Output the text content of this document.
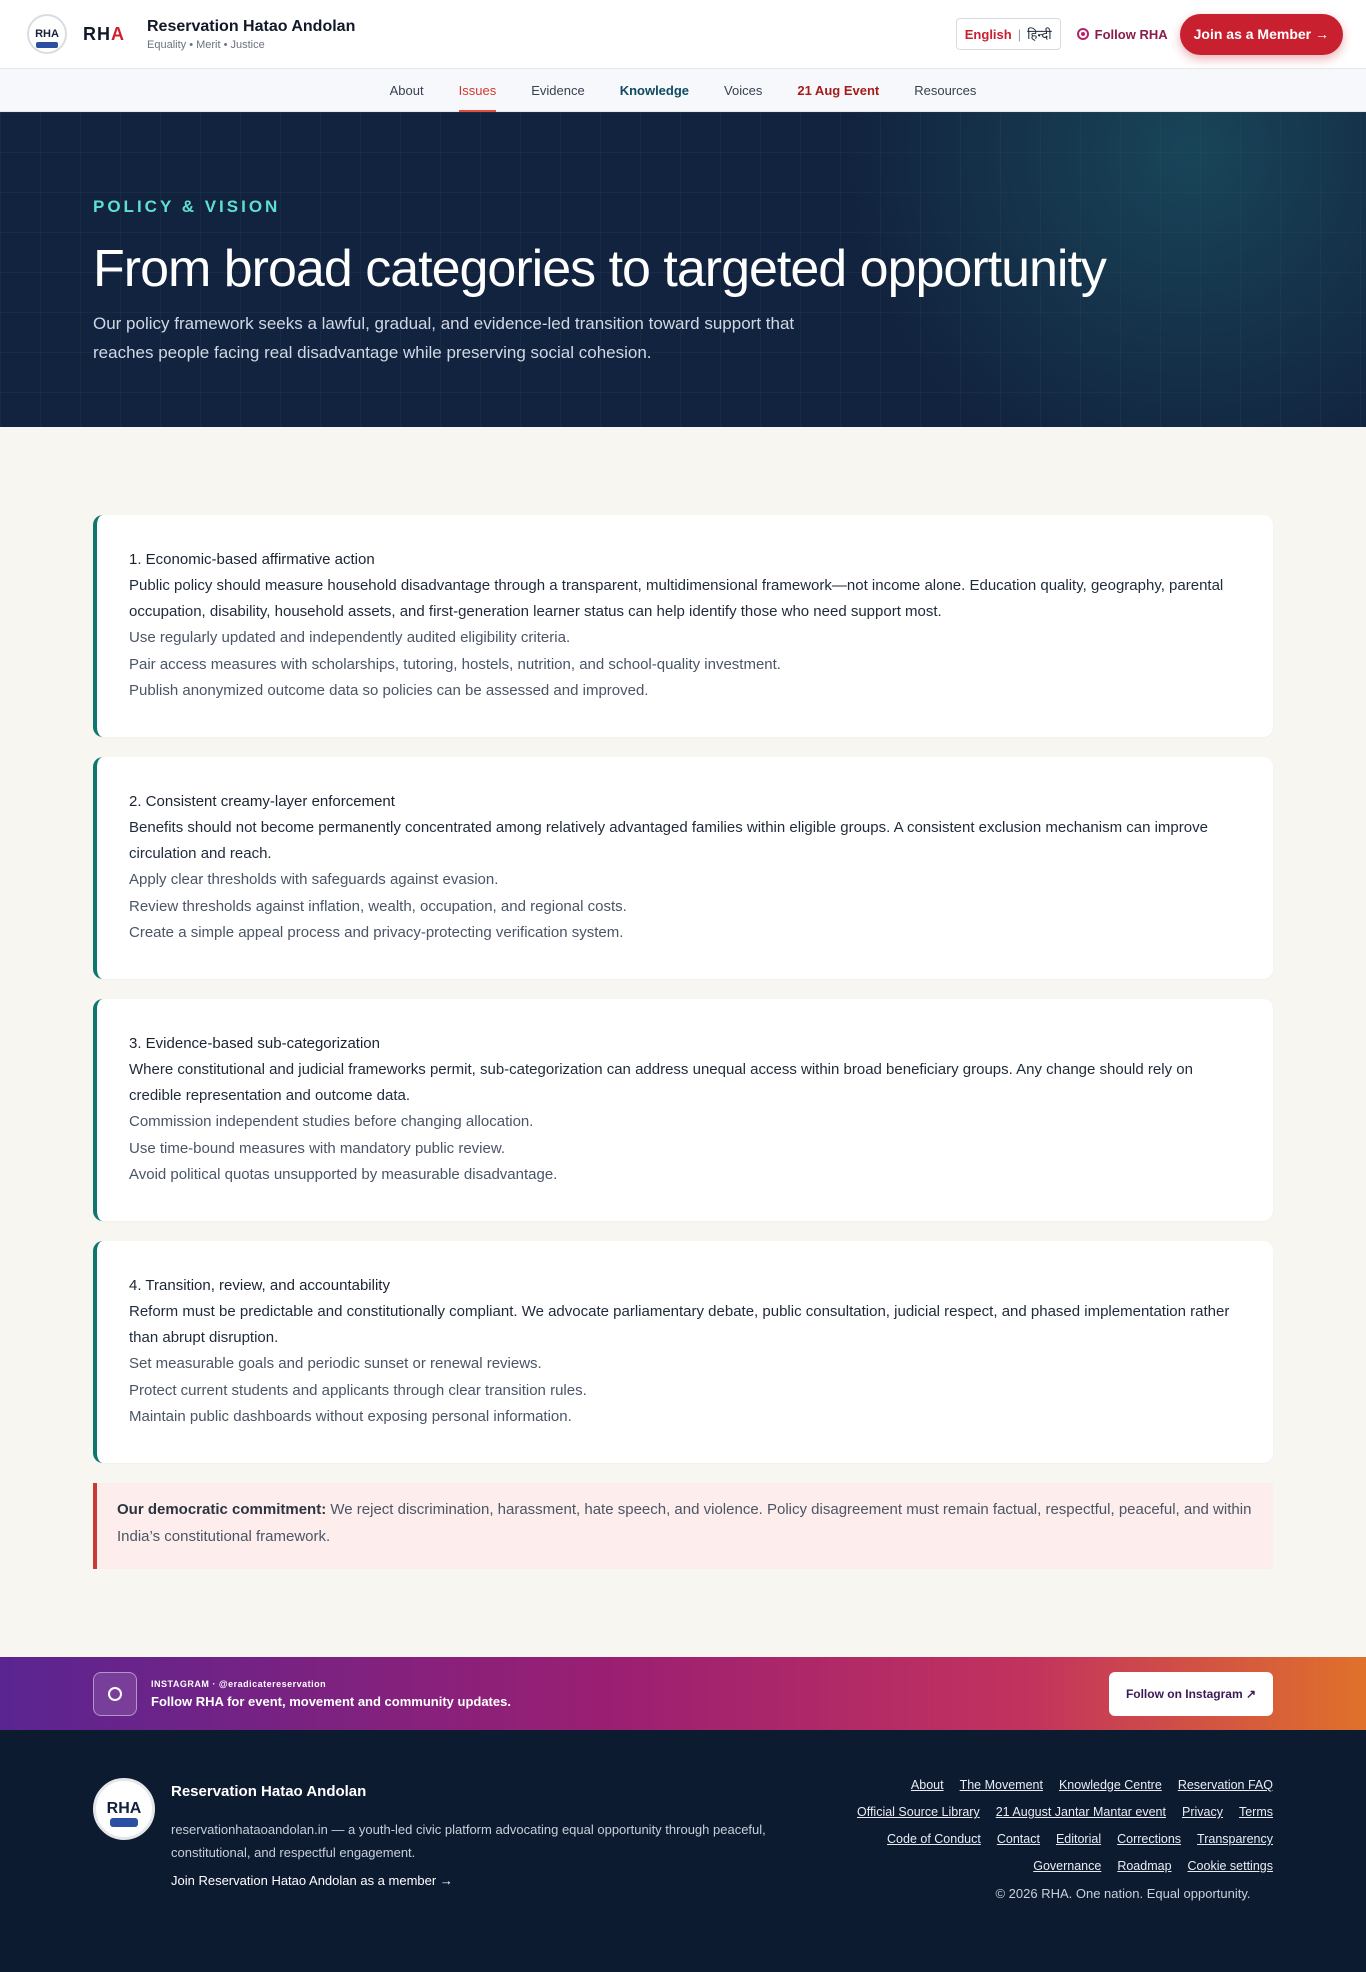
RHA RHA Reservation Hatao Andolan
Equality • Merit • Justice
English | हिन्दी	Follow RHA	Join as a Member →
About	Issues	Evidence	Knowledge	Voices	21 Aug Event	Resources
POLICY & VISION
From broad categories to targeted opportunity

Our policy framework seeks a lawful, gradual, and evidence-led transition toward support that reaches people facing real disadvantage while preserving social cohesion.

1. Economic-based affirmative action
Public policy should measure household disadvantage through a transparent, multidimensional framework—not income alone. Education quality, geography, parental occupation, disability, household assets, and first-generation learner status can help identify those who need support most.
Use regularly updated and independently audited eligibility criteria.
Pair access measures with scholarships, tutoring, hostels, nutrition, and school-quality investment.
Publish anonymized outcome data so policies can be assessed and improved.
2. Consistent creamy-layer enforcement
Benefits should not become permanently concentrated among relatively advantaged families within eligible groups. A consistent exclusion mechanism can improve circulation and reach.
Apply clear thresholds with safeguards against evasion.
Review thresholds against inflation, wealth, occupation, and regional costs.
Create a simple appeal process and privacy-protecting verification system.
3. Evidence-based sub-categorization
Where constitutional and judicial frameworks permit, sub-categorization can address unequal access within broad beneficiary groups. Any change should rely on credible representation and outcome data.
Commission independent studies before changing allocation.
Use time-bound measures with mandatory public review.
Avoid political quotas unsupported by measurable disadvantage.
4. Transition, review, and accountability
Reform must be predictable and constitutionally compliant. We advocate parliamentary debate, public consultation, judicial respect, and phased implementation rather than abrupt disruption.
Set measurable goals and periodic sunset or renewal reviews.
Protect current students and applicants through clear transition rules.
Maintain public dashboards without exposing personal information.
Our democratic commitment: We reject discrimination, harassment, hate speech, and violence. Policy disagreement must remain factual, respectful, peaceful, and within India’s constitutional framework.
INSTAGRAM · @eradicatereservation
Follow RHA for event, movement and community updates.	Follow on Instagram ↗
RHA
Reservation Hatao Andolan
reservationhataoandolan.in — a youth-led civic platform advocating equal opportunity through peaceful, constitutional, and respectful engagement.
Join Reservation Hatao Andolan as a member →
About The Movement Knowledge Centre Reservation FAQ
Official Source Library 21 August Jantar Mantar event Privacy Terms
Code of Conduct Contact Editorial Corrections Transparency
Governance Roadmap Cookie settings
© 2026 RHA. One nation. Equal opportunity.
